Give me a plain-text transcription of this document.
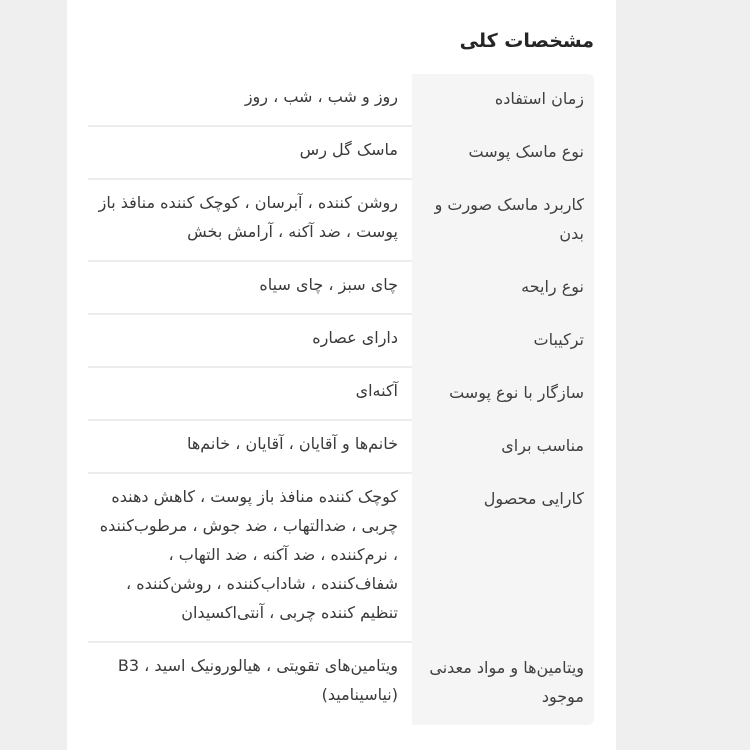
مشخصات کلی
زمان استفاده
روز و شب ، شب ، روز
نوع ماسک پوست
ماسک گل رس
کاربرد ماسک صورت و بدن
روشن کننده ، آبرسان ، کوچک کننده منافذ باز پوست ، ضد آکنه ، آرامش بخش
نوع رایحه
چای سبز ، چای سیاه
ترکیبات
دارای عصاره
سازگار با نوع پوست
آکنه‌ای
مناسب برای
خانم‌ها و آقایان ، آقایان ، خانم‌ها
کارایی محصول
کوچک کننده منافذ باز پوست ، کاهش دهنده چربی ، ضدالتهاب ، ضد جوش ، مرطوب‌کننده ، نرم‌کننده ، ضد آکنه ، ضد التهاب ، شفاف‌کننده ، شاداب‌کننده ، روشن‌کننده ، تنظیم کننده چربی ، آنتی‌اکسیدان
ویتامین‌ها و مواد معدنی موجود
ویتامین‌های تقویتی ، هیالورونیک اسید ، B3 (نیاسینامید)
